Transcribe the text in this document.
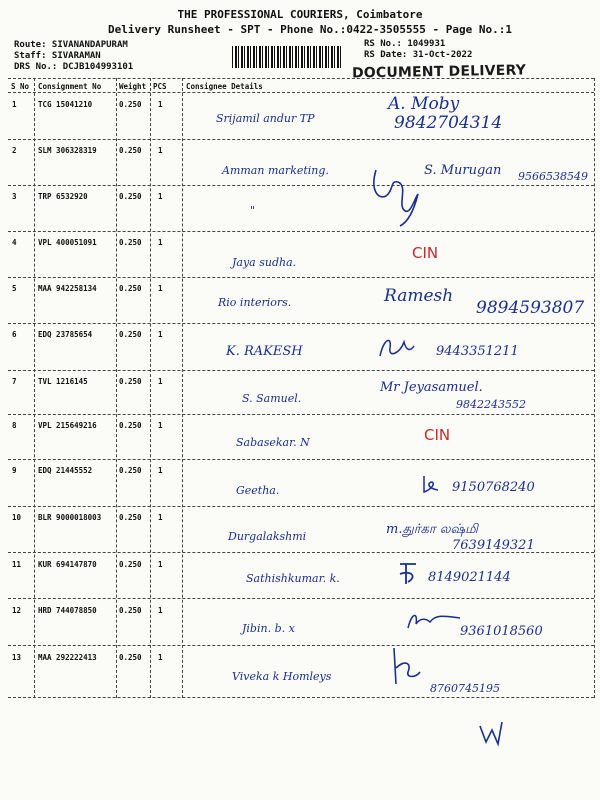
THE PROFESSIONAL COURIERS, Coimbatore
Delivery Runsheet - SPT - Phone No.:0422-3505555 - Page No.:1
Route: SIVANANDAPURAM
Staff: SIVARAMAN
DRS No.: DCJB104993101
RS No.: 1049931
RS Date: 31-Oct-2022
DOCUMENT DELIVERY
S No Consignment No Weight PCS	Consignee Details
1	TCG 15041210	0.250 1
Srijamil andur TP
A. Moby
9842704314
2	SLM 306328319	0.250 1
Amman marketing.	S. Murugan 9566538549
3	TRP 6532920	0.250 1
"
4	VPL 400051091	0.250 1
Jaya sudha.
CIN
5	MAA 942258134	0.250 1
Rio interiors.	Ramesh
9894593807
6	EDQ 23785654	0.250 1
K. RAKESH	9443351211
7	TVL 1216145	0.250 1
S. Samuel.
Mr Jeyasamuel.
9842243552
8	VPL 215649216	0.250 1
Sabasekar. N	CIN
9	EDQ 21445552	0.250 1
Geetha.	9150768240
10 BLR 9000018003 0.250 1
Durgalakshmi	m.துர்கா லஷ்மி
7639149321
11 KUR 694147870	0.250 1
Sathishkumar. k.	8149021144
12 HRD 744078850	0.250 1
Jibin. b. x	9361018560
13 MAA 292222413	0.250 1
Viveka k Homleys
8760745195
